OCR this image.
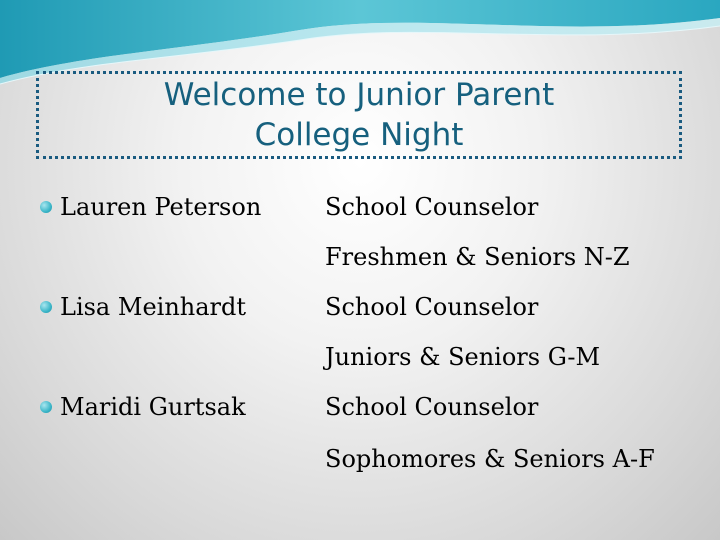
Welcome to Junior Parent
College Night
Lauren Peterson	School Counselor
Freshmen & Seniors N-Z
Lisa Meinhardt	School Counselor
Juniors & Seniors G-M
Maridi Gurtsak	School Counselor
Sophomores & Seniors A-F
